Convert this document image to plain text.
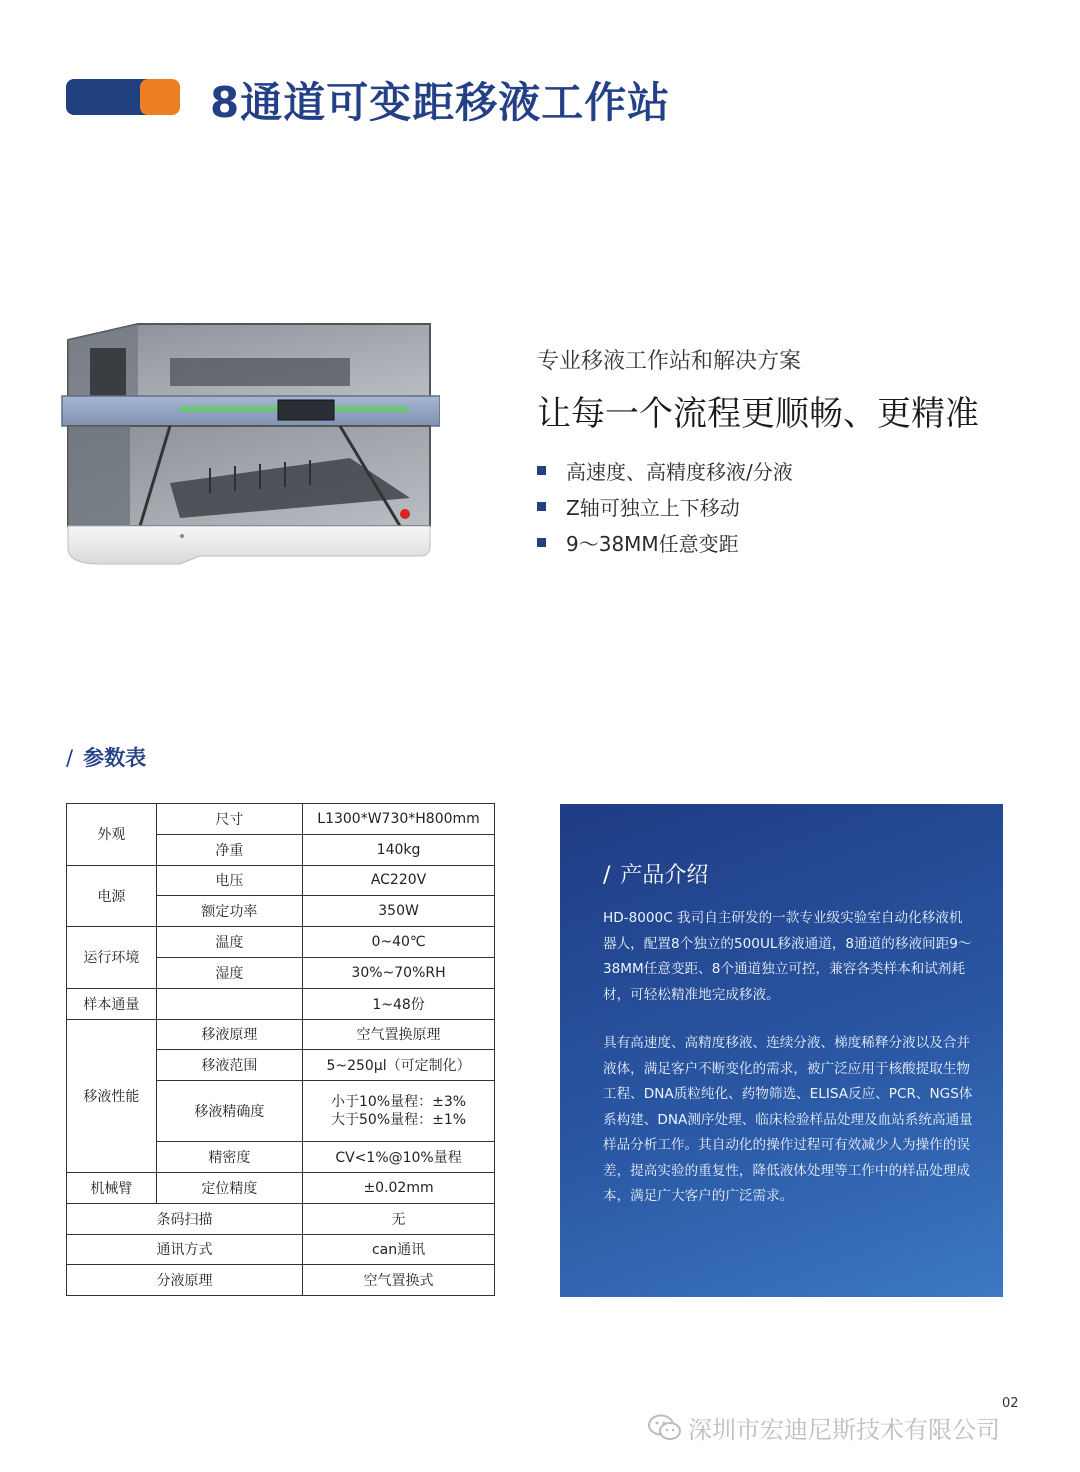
8通道可变距移液工作站
专业移液工作站和解决方案
让每一个流程更顺畅、更精准
高速度、高精度移液/分液
Z轴可独立上下移动
9～38MM任意变距
/ 参数表
外观	尺寸	L1300*W730*H800mm
	净重	140kg
电源	电压	AC220V
	额定功率	350W
运行环境	温度	0~40℃
	湿度	30%~70%RH
样本通量		1~48份
移液性能	移液原理	空气置换原理
	移液范围	5~250μl（可定制化）
	移液精确度	小于10%量程：±3%
大于50%量程：±1%

	精密度	CV<1%@10%量程
机械臂	定位精度	±0.02mm
条码扫描		无
通讯方式		can通讯
分液原理		空气置换式
/ 产品介绍

HD-8000C 我司自主研发的一款专业级实验室自动化移液机器人，配置8个独立的500UL移液通道，8通道的移液间距9～38MM任意变距、8个通道独立可控，兼容各类样本和试剂耗材，可轻松精准地完成移液。

具有高速度、高精度移液、连续分液、梯度稀释分液以及合并液体，满足客户不断变化的需求，被广泛应用于核酸提取生物工程、DNA质粒纯化、药物筛选、ELISA反应、PCR、NGS体系构建、DNA测序处理、临床检验样品处理及血站系统高通量样品分析工作。其自动化的操作过程可有效减少人为操作的误差，提高实验的重复性，降低液体处理等工作中的样品处理成本，满足广大客户的广泛需求。

02
深圳市宏迪尼斯技术有限公司
